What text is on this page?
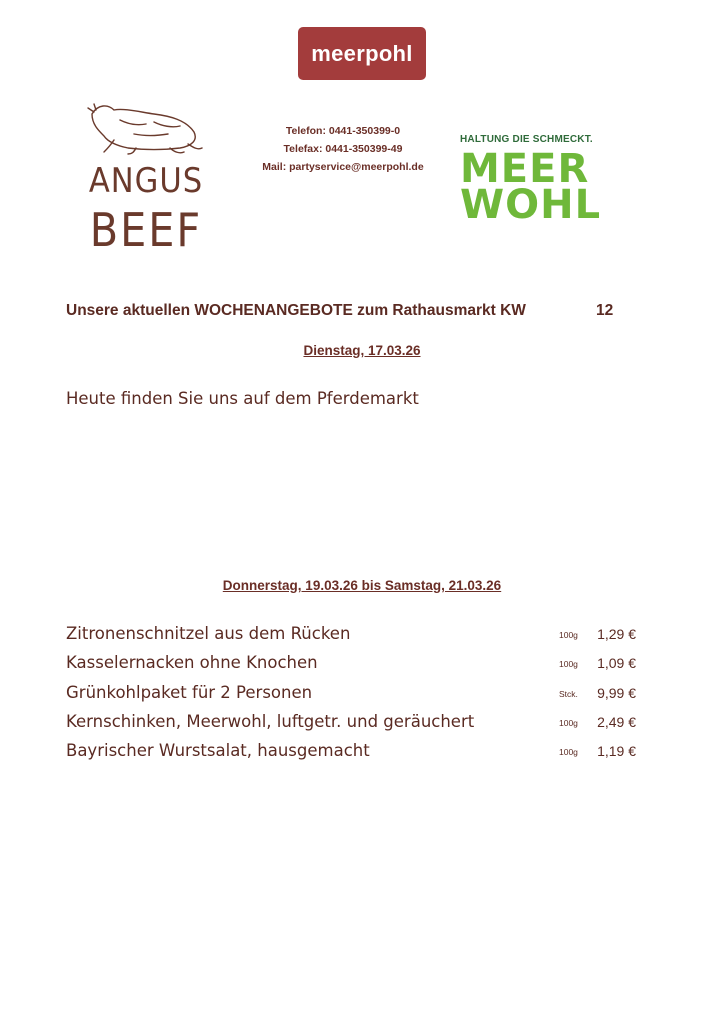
meerpohl
ANGUS
BEEF
Telefon: 0441-350399-0
Telefax: 0441-350399-49
Mail: partyservice@meerpohl.de
HALTUNG DIE SCHMECKT.
MEER
WOHL
Unsere aktuellen WOCHENANGEBOTE zum Rathausmarkt KW	12
Dienstag, 17.03.26
Heute finden Sie uns auf dem Pferdemarkt
Donnerstag, 19.03.26 bis Samstag, 21.03.26
Zitronenschnitzel aus dem Rücken	100g 1,29 €
Kasselernacken ohne Knochen	100g 1,09 €
Grünkohlpaket für 2 Personen	Stck. 9,99 €
Kernschinken, Meerwohl, luftgetr. und geräuchert	100g 2,49 €
Bayrischer Wurstsalat, hausgemacht	100g 1,19 €
